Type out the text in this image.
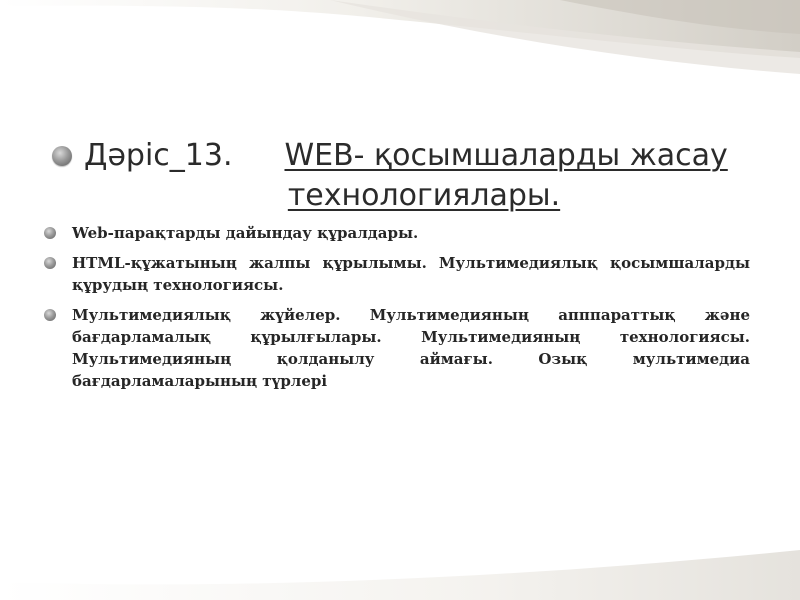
Дәріс_13. WEB- қосымшаларды жасау
технологиялары.
Web-парақтарды дайындау құралдары.
HTML-құжатының жалпы құрылымы. Мультимедиялық қосымшаларды құрудың технологиясы.
Мультимедиялық жүйелер. Мультимедияның апппараттық және бағдарламалық құрылғылары. Мультимедияның технологиясы. Мультимедияның қолданылу аймағы. Озық мультимедиа бағдарламаларының түрлері
